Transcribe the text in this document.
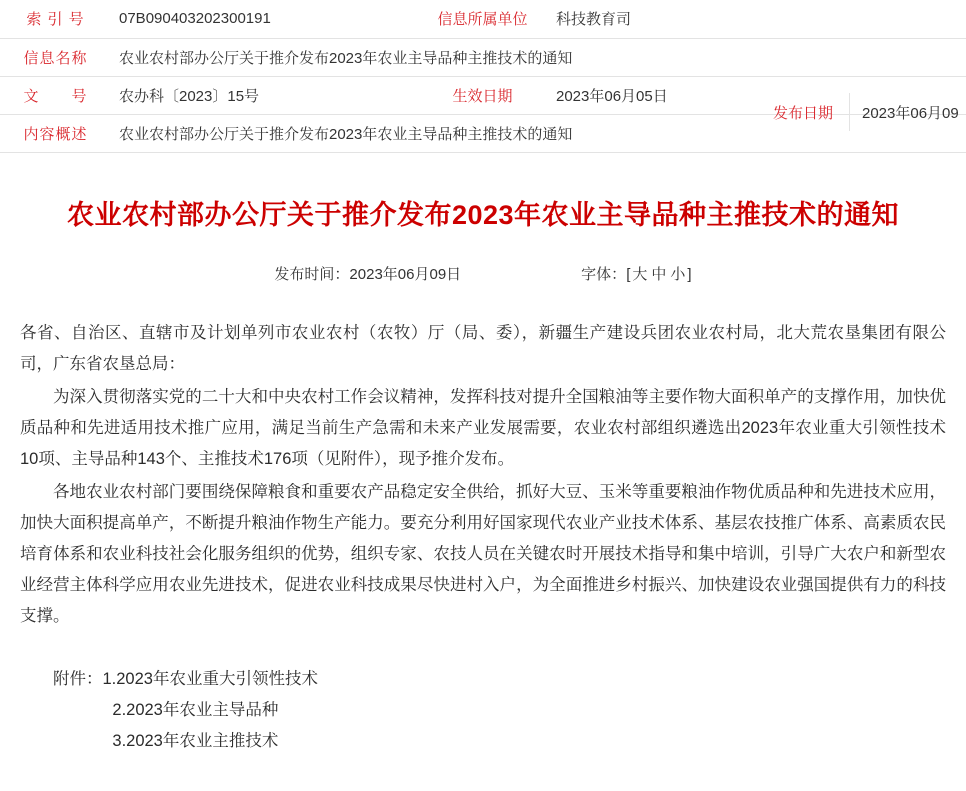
索 引 号	07B090403202300191	信息所属单位	科技教育司
信息名称	农业农村部办公厅关于推介发布2023年农业主导品种主推技术的通知		
文　　号	农办科〔2023〕15号	生效日期	2023年06月05日
内容概述	农业农村部办公厅关于推介发布2023年农业主导品种主推技术的通知		
发布日期	2023年06月09
农业农村部办公厅关于推介发布2023年农业主导品种主推技术的通知
发布时间：2023年06月09日	字体：[ 大 中 小 ]

各省、自治区、直辖市及计划单列市农业农村（农牧）厅（局、委），新疆生产建设兵团农业农村局，北大荒农垦集团有限公司，广东省农垦总局：

为深入贯彻落实党的二十大和中央农村工作会议精神，发挥科技对提升全国粮油等主要作物大面积单产的支撑作用，加快优质品种和先进适用技术推广应用，满足当前生产急需和未来产业发展需要，农业农村部组织遴选出2023年农业重大引领性技术10项、主导品种143个、主推技术176项（见附件），现予推介发布。

各地农业农村部门要围绕保障粮食和重要农产品稳定安全供给，抓好大豆、玉米等重要粮油作物优质品种和先进技术应用，加快大面积提高单产，不断提升粮油作物生产能力。要充分利用好国家现代农业产业技术体系、基层农技推广体系、高素质农民培育体系和农业科技社会化服务组织的优势，组织专家、农技人员在关键农时开展技术指导和集中培训，引导广大农户和新型农业经营主体科学应用农业先进技术，促进农业科技成果尽快进村入户，为全面推进乡村振兴、加快建设农业强国提供有力的科技支撑。

附件：1.2023年农业重大引领性技术
2.2023年农业主导品种
3.2023年农业主推技术
